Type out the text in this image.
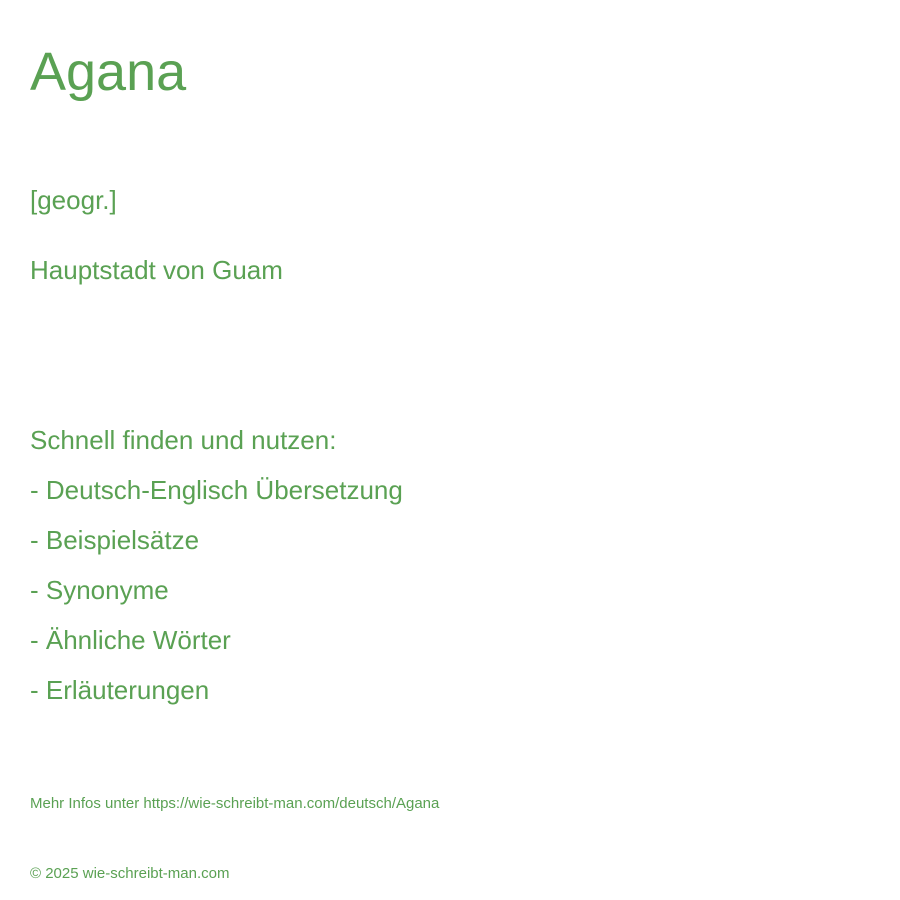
Agana
[geogr.]
Hauptstadt von Guam
Schnell finden und nutzen:
- Deutsch-Englisch Übersetzung
- Beispielsätze
- Synonyme
- Ähnliche Wörter
- Erläuterungen
Mehr Infos unter https://wie-schreibt-man.com/deutsch/Agana
© 2025 wie-schreibt-man.com
